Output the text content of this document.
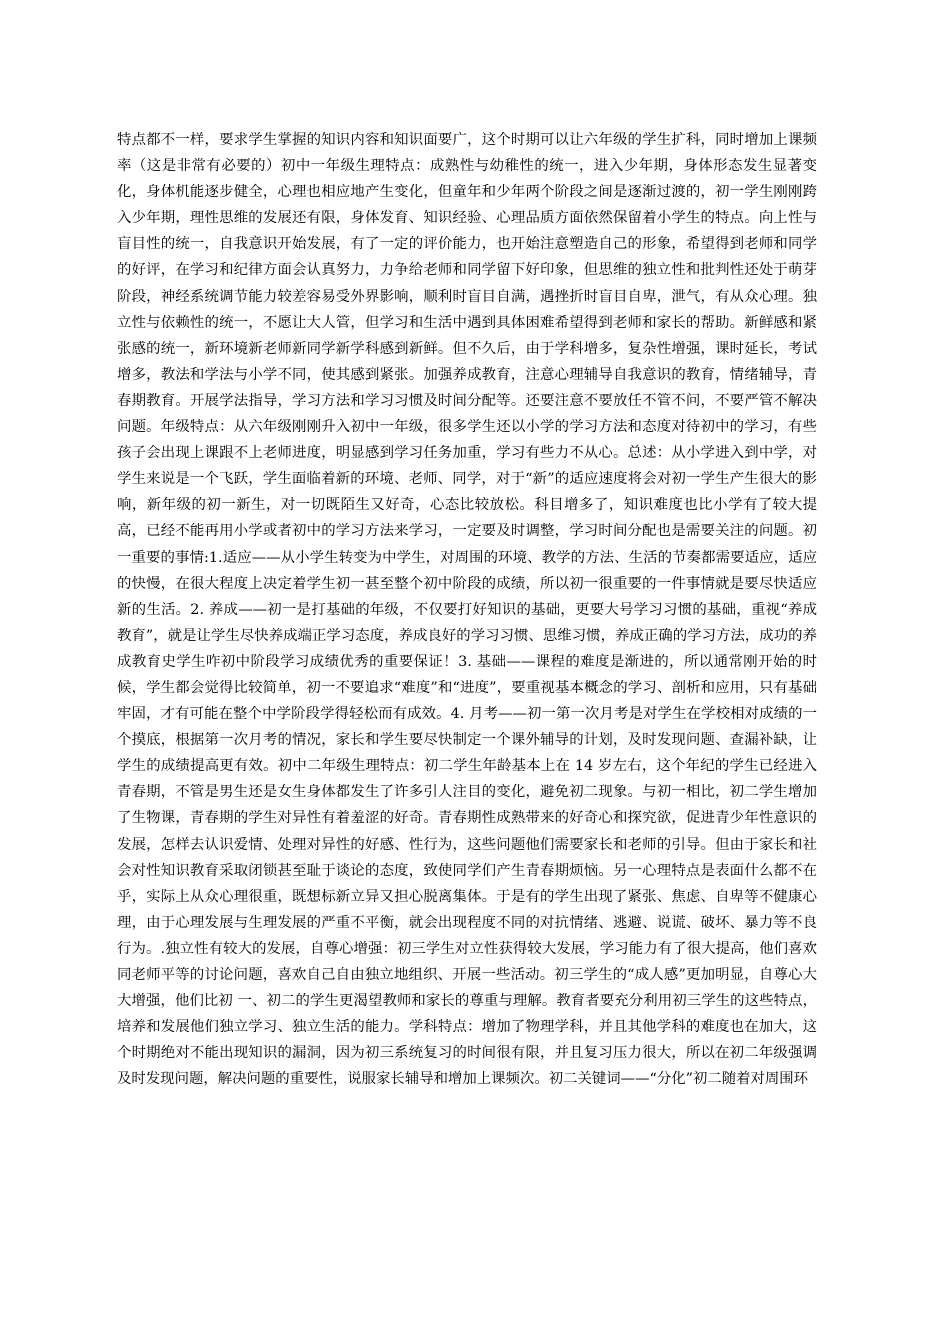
特点都不一样，要求学生掌握的知识内容和知识面要广，这个时期可以让六年级的学生扩科，同时增加上课频率（这是非常有必要的）初中一年级生理特点：成熟性与幼稚性的统一，进入少年期，身体形态发生显著变化，身体机能逐步健全，心理也相应地产生变化，但童年和少年两个阶段之间是逐渐过渡的，初一学生刚刚跨入少年期，理性思维的发展还有限，身体发育、知识经验、心理品质方面依然保留着小学生的特点。向上性与盲目性的统一，自我意识开始发展，有了一定的评价能力，也开始注意塑造自己的形象，希望得到老师和同学的好评，在学习和纪律方面会认真努力，力争给老师和同学留下好印象，但思维的独立性和批判性还处于萌芽阶段，神经系统调节能力较差容易受外界影响，顺利时盲目自满，遇挫折时盲目自卑，泄气，有从众心理。独立性与依赖性的统一，不愿让大人管，但学习和生活中遇到具体困难希望得到老师和家长的帮助。新鲜感和紧张感的统一，新环境新老师新同学新学科感到新鲜。但不久后，由于学科增多，复杂性增强，课时延长，考试增多，教法和学法与小学不同，使其感到紧张。加强养成教育，注意心理辅导自我意识的教育，情绪辅导，青春期教育。开展学法指导，学习方法和学习习惯及时间分配等。还要注意不要放任不管不问，不要严管不解决问题。年级特点：从六年级刚刚升入初中一年级，很多学生还以小学的学习方法和态度对待初中的学习，有些孩子会出现上课跟不上老师进度，明显感到学习任务加重，学习有些力不从心。总述：从小学进入到中学，对学生来说是一个飞跃，学生面临着新的环境、老师、同学，对于“新”的适应速度将会对初一学生产生很大的影响，新年级的初一新生，对一切既陌生又好奇，心态比较放松。科目增多了，知识难度也比小学有了较大提高，已经不能再用小学或者初中的学习方法来学习，一定要及时调整，学习时间分配也是需要关注的问题。初一重要的事情:1.适应——从小学生转变为中学生，对周围的环境、教学的方法、生活的节奏都需要适应，适应的快慢，在很大程度上决定着学生初一甚至整个初中阶段的成绩，所以初一很重要的一件事情就是要尽快适应新的生活。2. 养成——初一是打基础的年级，不仅要打好知识的基础，更要大号学习习惯的基础，重视“养成教育”，就是让学生尽快养成端正学习态度，养成良好的学习习惯、思维习惯，养成正确的学习方法，成功的养成教育史学生咋初中阶段学习成绩优秀的重要保证！3. 基础——课程的难度是渐进的，所以通常刚开始的时候，学生都会觉得比较简单，初一不要追求“难度”和“进度”，要重视基本概念的学习、剖析和应用，只有基础牢固，才有可能在整个中学阶段学得轻松而有成效。4. 月考——初一第一次月考是对学生在学校相对成绩的一个摸底，根据第一次月考的情况，家长和学生要尽快制定一个课外辅导的计划，及时发现问题、查漏补缺，让学生的成绩提高更有效。初中二年级生理特点：初二学生年龄基本上在 14 岁左右，这个年纪的学生已经进入青春期，不管是男生还是女生身体都发生了许多引人注目的变化，避免初二现象。与初一相比，初二学生增加了生物课，青春期的学生对异性有着羞涩的好奇。青春期性成熟带来的好奇心和探究欲，促进青少年性意识的发展，怎样去认识爱情、处理对异性的好感、性行为，这些问题他们需要家长和老师的引导。但由于家长和社会对性知识教育采取闭锁甚至耻于谈论的态度，致使同学们产生青春期烦恼。另一心理特点是表面什么都不在乎，实际上从众心理很重，既想标新立异又担心脱离集体。于是有的学生出现了紧张、焦虑、自卑等不健康心理，由于心理发展与生理发展的严重不平衡，就会出现程度不同的对抗情绪、逃避、说谎、破坏、暴力等不良行为。.独立性有较大的发展，自尊心增强：初三学生对立性获得较大发展，学习能力有了很大提高，他们喜欢同老师平等的讨论问题，喜欢自己自由独立地组织、开展一些活动。初三学生的“成人感”更加明显，自尊心大大增强，他们比初 一、初二的学生更渴望教师和家长的尊重与理解。教育者要充分利用初三学生的这些特点，培养和发展他们独立学习、独立生活的能力。学科特点：增加了物理学科，并且其他学科的难度也在加大，这个时期绝对不能出现知识的漏洞，因为初三系统复习的时间很有限，并且复习压力很大，所以在初二年级强调及时发现问题，解决问题的重要性，说服家长辅导和增加上课频次。初二关键词——“分化”初二随着对周围环
